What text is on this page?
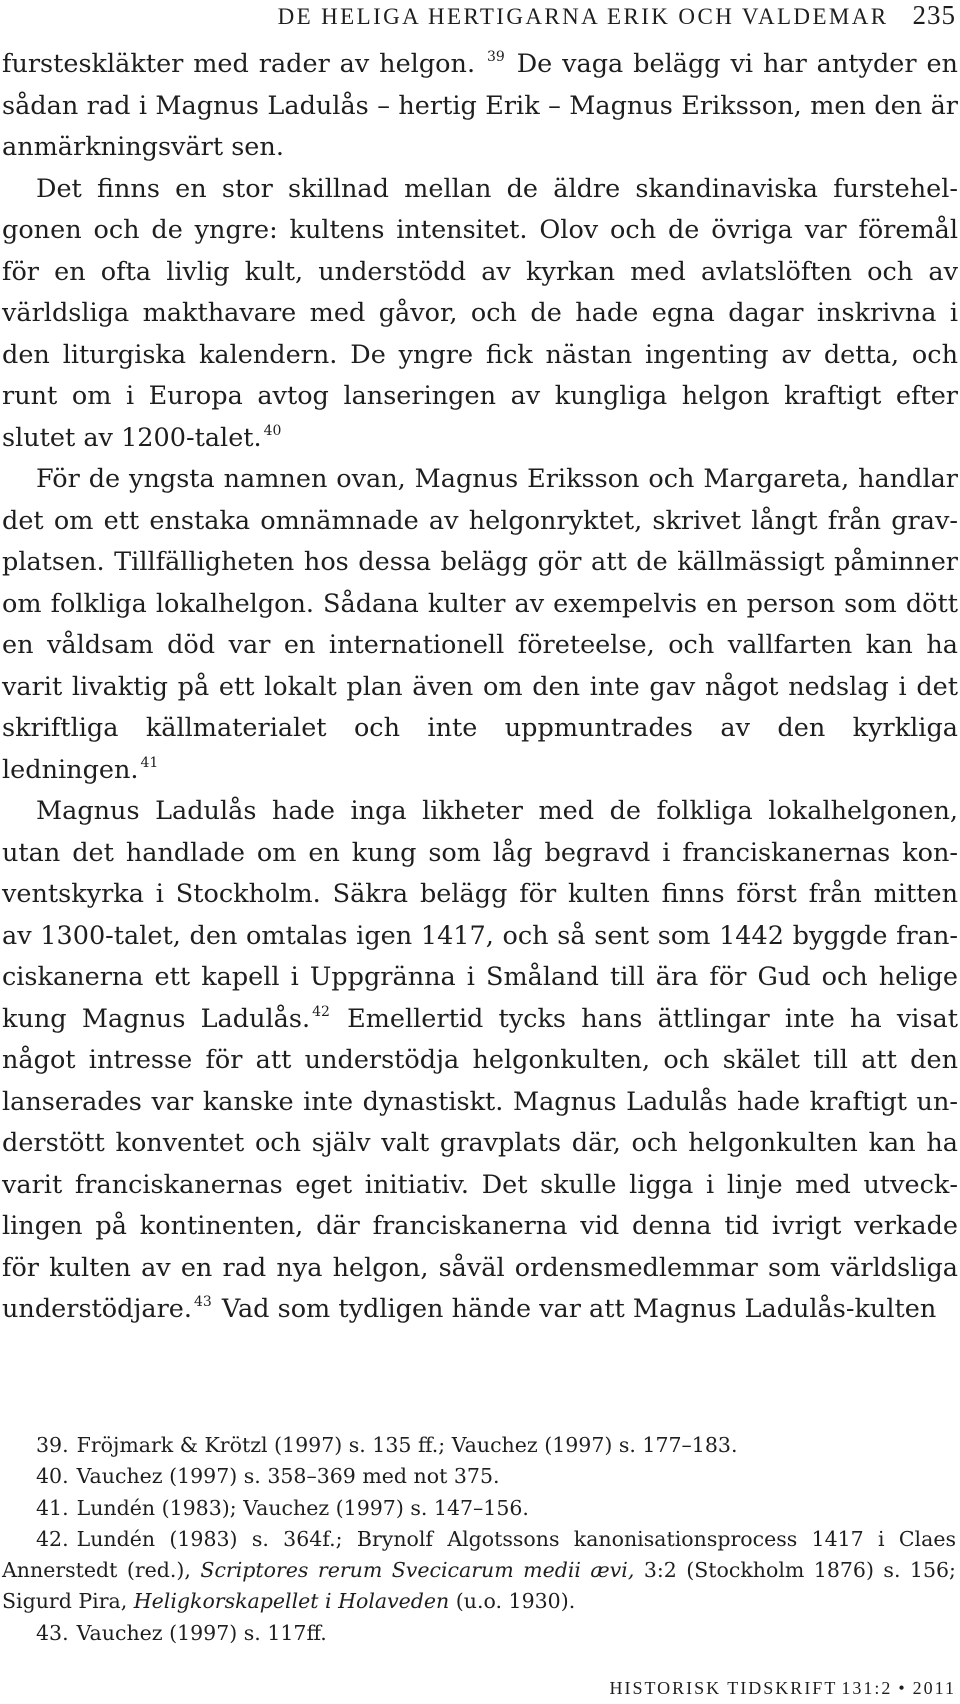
DE HELIGA HERTIGARNA ERIK OCH VALDEMAR 235

fursteskläkter med rader av helgon. $^{39}$ De vaga belägg vi har antyder en sådan rad i Magnus Ladulås – hertig Erik – Magnus Eriksson, men den är anmärkningsvärt sen.

Det finns en stor skillnad mellan de äldre skandinaviska furstehelgonen och de yngre: kultens intensitet. Olov och de övriga var föremål för en ofta livlig kult, understödd av kyrkan med avlatslöften och av världsliga makthavare med gåvor, och de hade egna dagar inskrivna i den liturgiska kalendern. De yngre fick nästan ingenting av detta, och runt om i Europa avtog lanseringen av kungliga helgon kraftigt efter slutet av 1200-talet. $^{40}$

För de yngsta namnen ovan, Magnus Eriksson och Margareta, handlar det om ett enstaka omnämnade av helgonryktet, skrivet långt från gravplatsen. Tillfälligheten hos dessa belägg gör att de källmässigt påminner om folkliga lokalhelgon. Sådana kulter av exempelvis en person som dött en våldsam död var en internationell företeelse, och vallfarten kan ha varit livaktig på ett lokalt plan även om den inte gav något nedslag i det skriftliga källmaterialet och inte uppmuntrades av den kyrkliga ledningen. $^{41}$

Magnus Ladulås hade inga likheter med de folkliga lokalhelgonen, utan det handlade om en kung som låg begravd i franciskanernas konventskyrka i Stockholm. Säkra belägg för kulten finns först från mitten av 1300-talet, den omtalas igen 1417, och så sent som 1442 byggde franciskanerna ett kapell i Uppgränna i Småland till ära för Gud och helige kung Magnus Ladulås. $^{42}$ Emellertid tycks hans ättlingar inte ha visat något intresse för att understödja helgonkulten, och skälet till att den lanserades var kanske inte dynastiskt. Magnus Ladulås hade kraftigt understött konventet och själv valt gravplats där, och helgonkulten kan ha varit franciskanernas eget initiativ. Det skulle ligga i linje med utvecklingen på kontinenten, där franciskanerna vid denna tid ivrigt verkade för kulten av en rad nya helgon, såväl ordensmedlemmar som världsliga understödjare. $^{43}$ Vad som tydligen hände var att Magnus Ladulås-kulten

39. Fröjmark & Krötzl (1997) s. 135 ff.; Vauchez (1997) s. 177–183.

40. Vauchez (1997) s. 358–369 med not 375.

41. Lundén (1983); Vauchez (1997) s. 147–156.

42. Lundén (1983) s. 364f.; Brynolf Algotssons kanonisationsprocess 1417 i Claes Annerstedt (red.), Scriptores rerum Svecicarum medii ævi, 3:2 (Stockholm 1876) s. 156; Sigurd Pira, Heligkorskapellet i Holaveden (u.o. 1930).

43. Vauchez (1997) s. 117ff.

HISTORISK TIDSKRIFT 131:2 • 2011
